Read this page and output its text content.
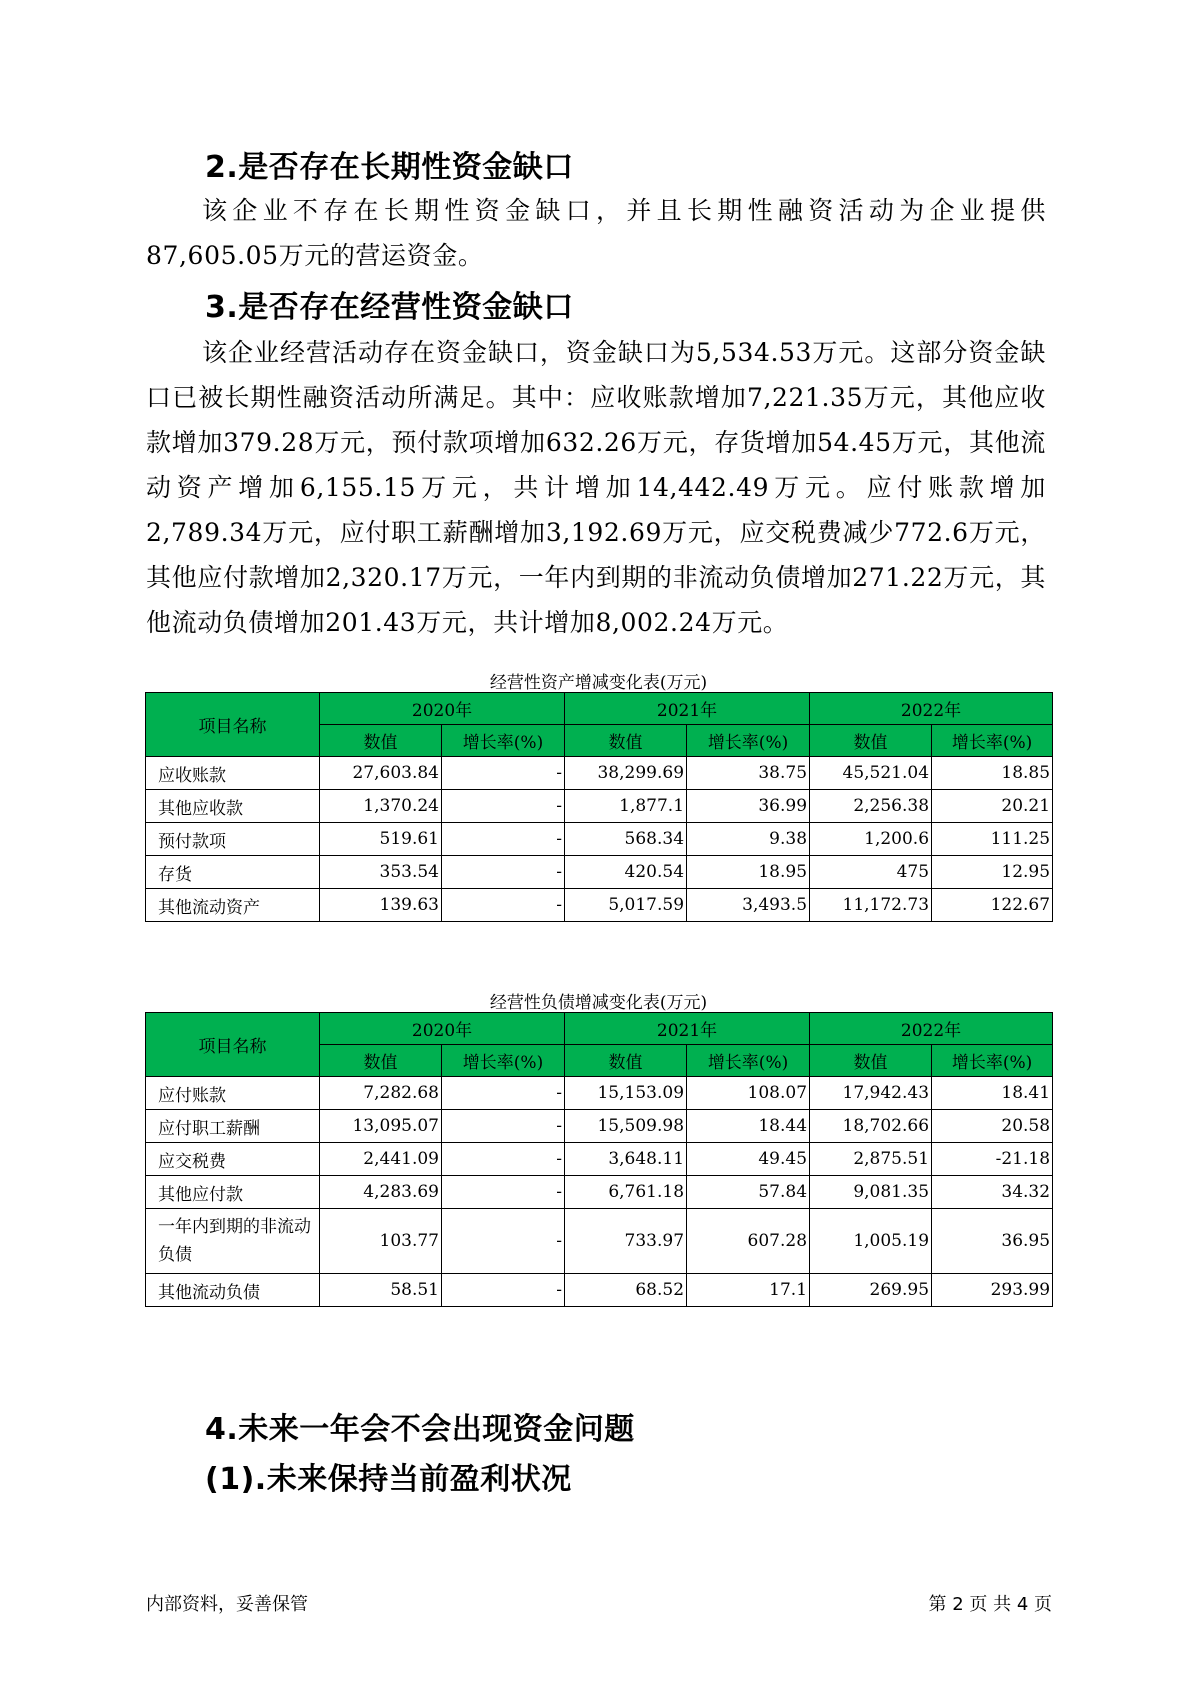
2.是否存在长期性资金缺口

该企业不存在长期性资金缺口，并且长期性融资活动为企业提供87,605.05万元的营运资金。

3.是否存在经营性资金缺口

该企业经营活动存在资金缺口，资金缺口为5,534.53万元。这部分资金缺口已被长期性融资活动所满足。其中：应收账款增加7,221.35万元，其他应收款增加379.28万元，预付款项增加632.26万元，存货增加54.45万元，其他流动资产增加6,155.15万元，共计增加14,442.49万元。应付账款增加2,789.34万元，应付职工薪酬增加3,192.69万元，应交税费减少772.6万元，其他应付款增加2,320.17万元，一年内到期的非流动负债增加271.22万元，其他流动负债增加201.43万元，共计增加8,002.24万元。

经营性资产增减变化表(万元)
项目名称	2020年		2021年		2022年	
	数值	增长率(%)	数值	增长率(%)	数值	增长率(%)
应收账款	27,603.84	-	38,299.69	38.75	45,521.04	18.85
其他应收款	1,370.24	-	1,877.1	36.99	2,256.38	20.21
预付款项	519.61	-	568.34	9.38	1,200.6	111.25
存货	353.54	-	420.54	18.95	475	12.95
其他流动资产	139.63	-	5,017.59	3,493.5	11,172.73	122.67
经营性负债增减变化表(万元)
项目名称	2020年		2021年		2022年	
	数值	增长率(%)	数值	增长率(%)	数值	增长率(%)
应付账款	7,282.68	-	15,153.09	108.07	17,942.43	18.41
应付职工薪酬	13,095.07	-	15,509.98	18.44	18,702.66	20.58
应交税费	2,441.09	-	3,648.11	49.45	2,875.51	-21.18
其他应付款	4,283.69	-	6,761.18	57.84	9,081.35	34.32
一年内到期的非流动负债	103.77	-	733.97	607.28	1,005.19	36.95
其他流动负债	58.51	-	68.52	17.1	269.95	293.99
4.未来一年会不会出现资金问题
(1).未来保持当前盈利状况
内部资料，妥善保管	第 2 页 共 4 页
